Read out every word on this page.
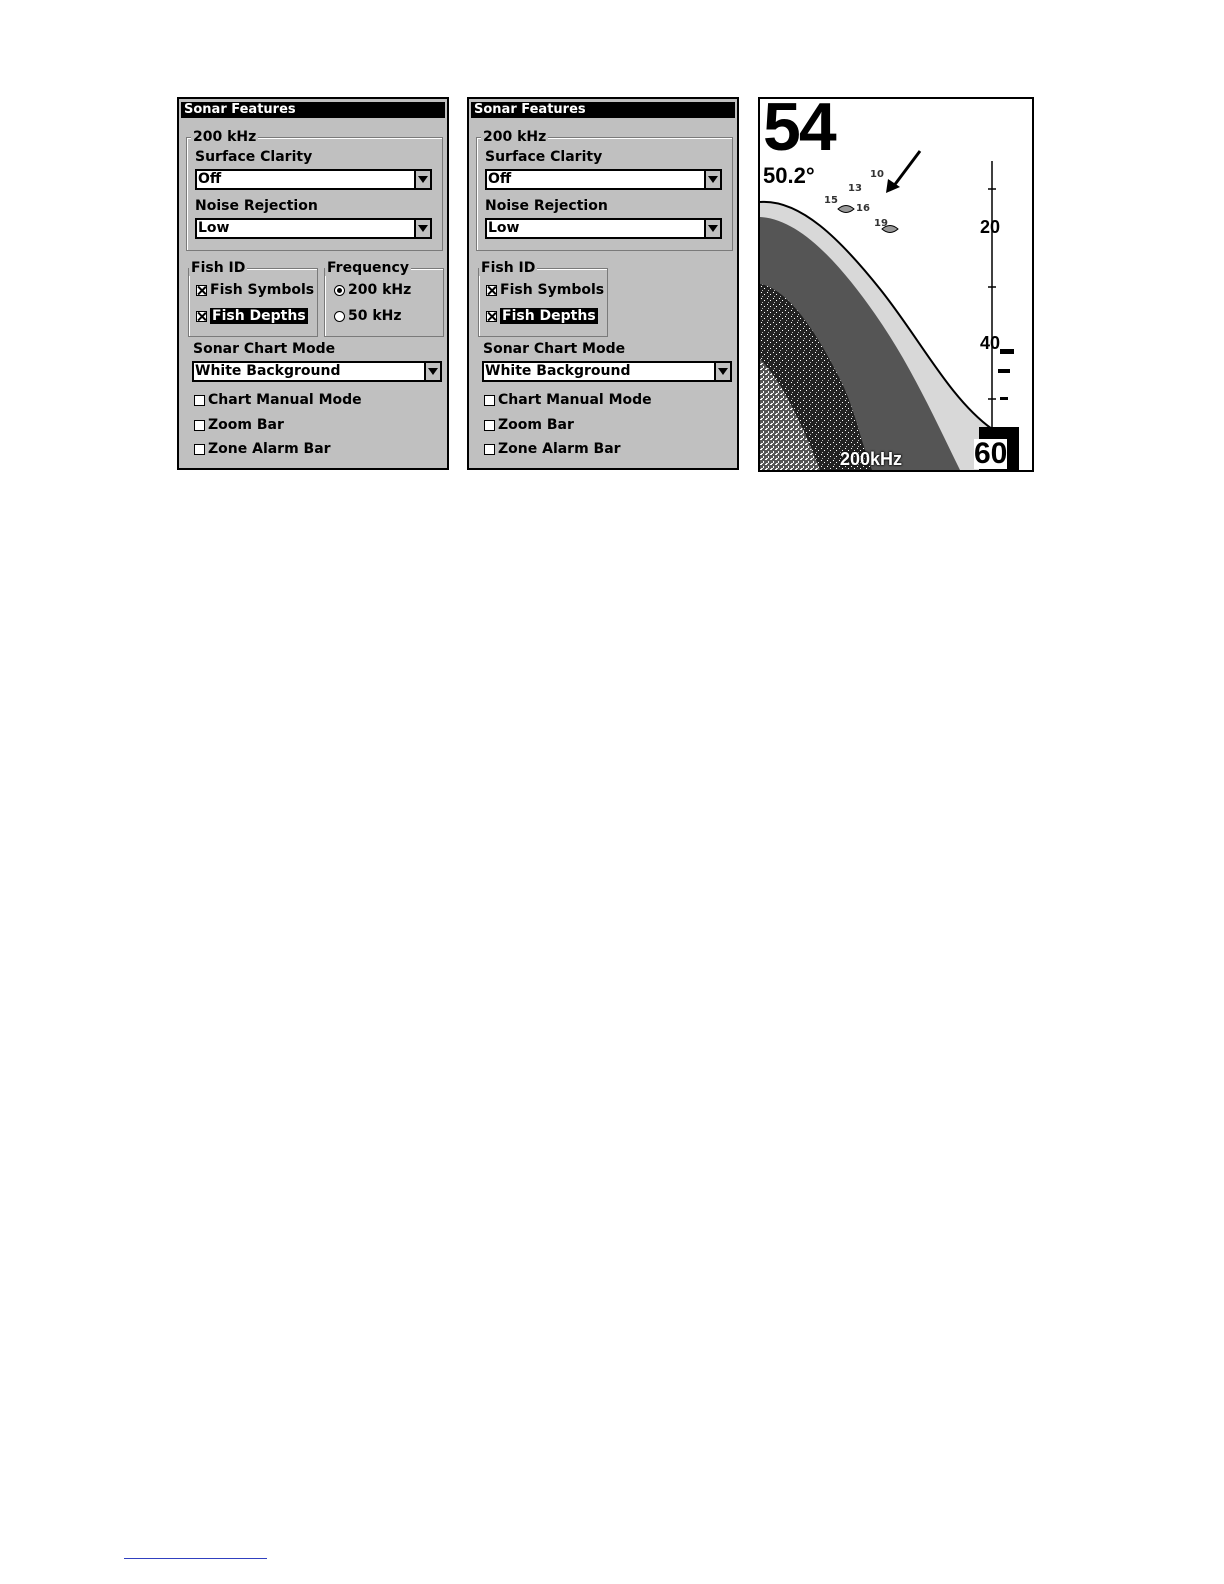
Sonar Features
200 kHz
Surface Clarity
Off
Noise Rejection
Low
Fish ID
Fish Symbols
Fish Depths
Frequency
200 kHz
50 kHz
Sonar Chart Mode
White Background
Chart Manual Mode
Zoom Bar
Zone Alarm Bar
Sonar Features
200 kHz
Surface Clarity
Off
Noise Rejection
Low
Fish ID
Fish Symbols
Fish Depths
Sonar Chart Mode
White Background
Chart Manual Mode
Zoom Bar
Zone Alarm Bar
54
50.2°
20
40
60
200kHz
10
13
15
16
19
